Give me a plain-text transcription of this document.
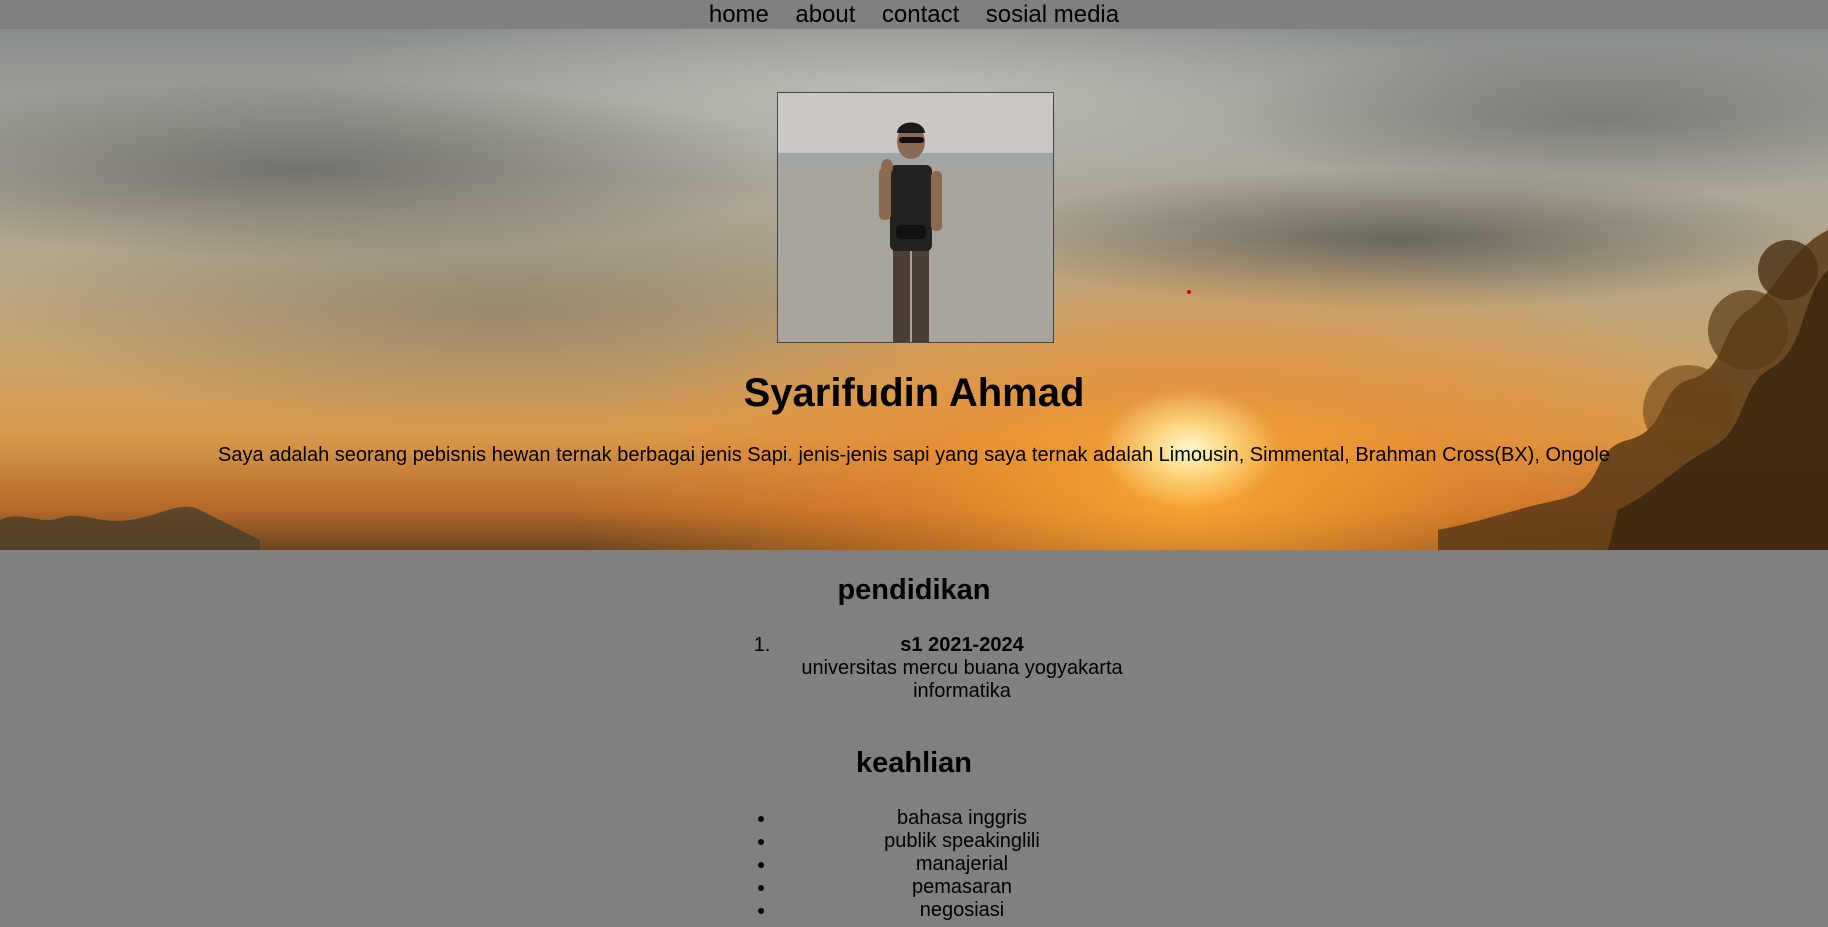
home about contact sosial media
Syarifudin Ahmad

Saya adalah seorang pebisnis hewan ternak berbagai jenis Sapi. jenis-jenis sapi yang saya ternak adalah Limousin, Simmental, Brahman Cross(BX), Ongole

pendidikan
1. s1 2021-2024
universitas mercu buana yogyakarta
informatika
keahlian
• bahasa inggris
• publik speakinglili
• manajerial
• pemasaran
• negosiasi
